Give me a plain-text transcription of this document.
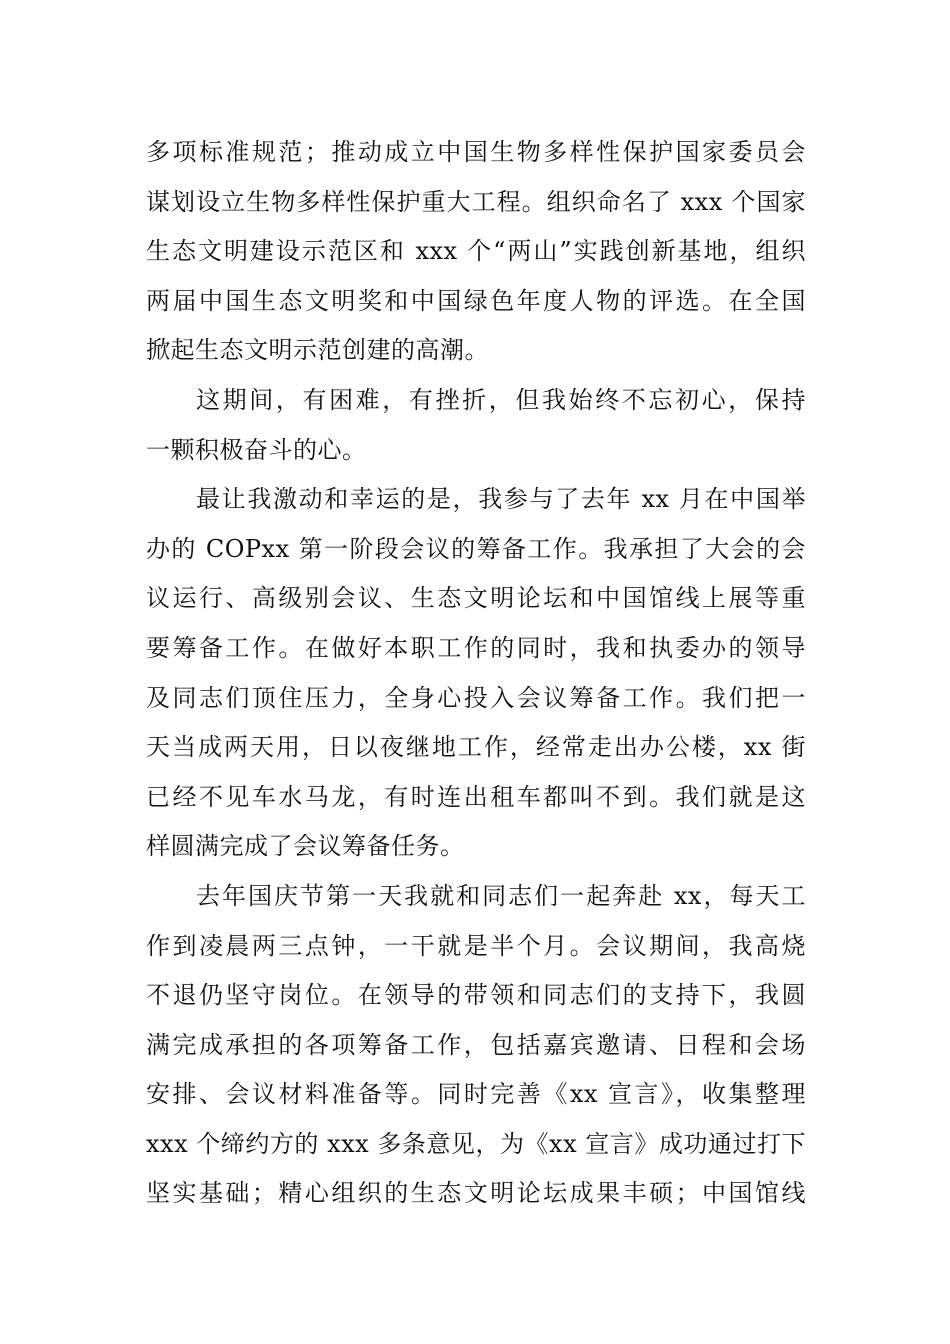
多项标准规范；推动成立中国生物多样性保护国家委员会
谋划设立生物多样性保护重大工程。组织命名了 xxx 个国家
生态文明建设示范区和 xxx 个“两山”实践创新基地，组织
两届中国生态文明奖和中国绿色年度人物的评选。在全国
掀起生态文明示范创建的高潮。
这期间，有困难，有挫折，但我始终不忘初心，保持
一颗积极奋斗的心。
最让我激动和幸运的是，我参与了去年 xx 月在中国举
办的 COPxx 第一阶段会议的筹备工作。我承担了大会的会
议运行、高级别会议、生态文明论坛和中国馆线上展等重
要筹备工作。在做好本职工作的同时，我和执委办的领导
及同志们顶住压力，全身心投入会议筹备工作。我们把一
天当成两天用，日以夜继地工作，经常走出办公楼，xx 街
已经不见车水马龙，有时连出租车都叫不到。我们就是这
样圆满完成了会议筹备任务。
去年国庆节第一天我就和同志们一起奔赴 xx，每天工
作到凌晨两三点钟，一干就是半个月。会议期间，我高烧
不退仍坚守岗位。在领导的带领和同志们的支持下，我圆
满完成承担的各项筹备工作，包括嘉宾邀请、日程和会场
安排、会议材料准备等。同时完善《xx 宣言》，收集整理
xxx 个缔约方的 xxx 多条意见，为《xx 宣言》成功通过打下
坚实基础；精心组织的生态文明论坛成果丰硕；中国馆线
